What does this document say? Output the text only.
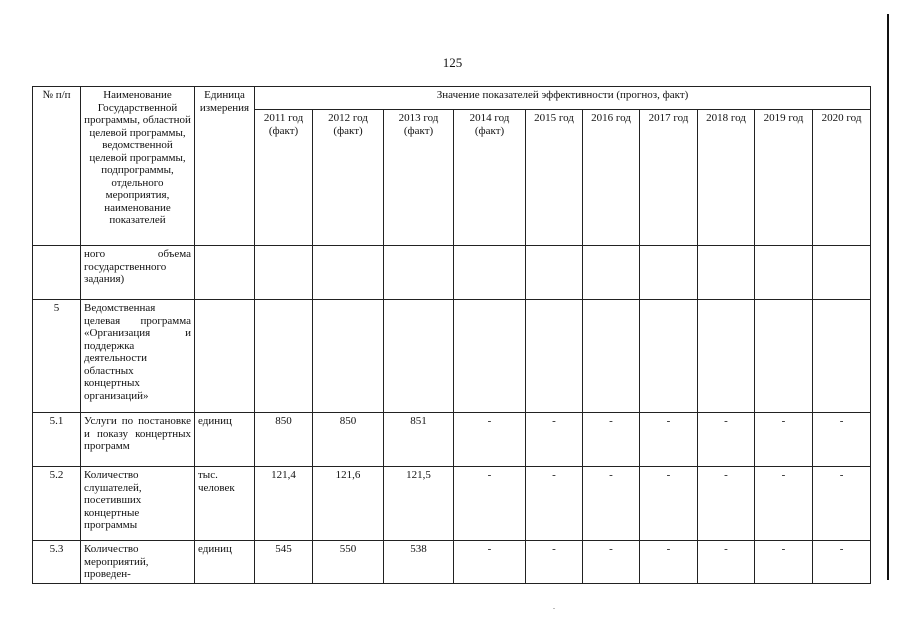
125
№ п/п	Наименование Государственной программы, областной целевой программы, ведомственной целевой программы, подпрограммы, отдельного мероприятия, наименование показателей	Единица измерения	Значение показателей эффективности (прогноз, факт)									
			2011 год (факт)	2012 год (факт)	2013 год (факт)	2014 год (факт)	2015 год	2016 год	2017 год	2018 год	2019 год	2020 год
	ного объема государственного задания)											
5	Ведомственная целевая программа «Организация и поддержка деятельности областных концертных организаций»											
5.1	Услуги по постановке и показу концертных программ	единиц	850	850	851	-	-	-	-	-	-	-
5.2	Количество слушателей, посетивших концертные программы	тыс. человек	121,4	121,6	121,5	-	-	-	-	-	-	-
5.3	Количество мероприятий, проведен-	единиц	545	550	538	-	-	-	-	-	-	-
